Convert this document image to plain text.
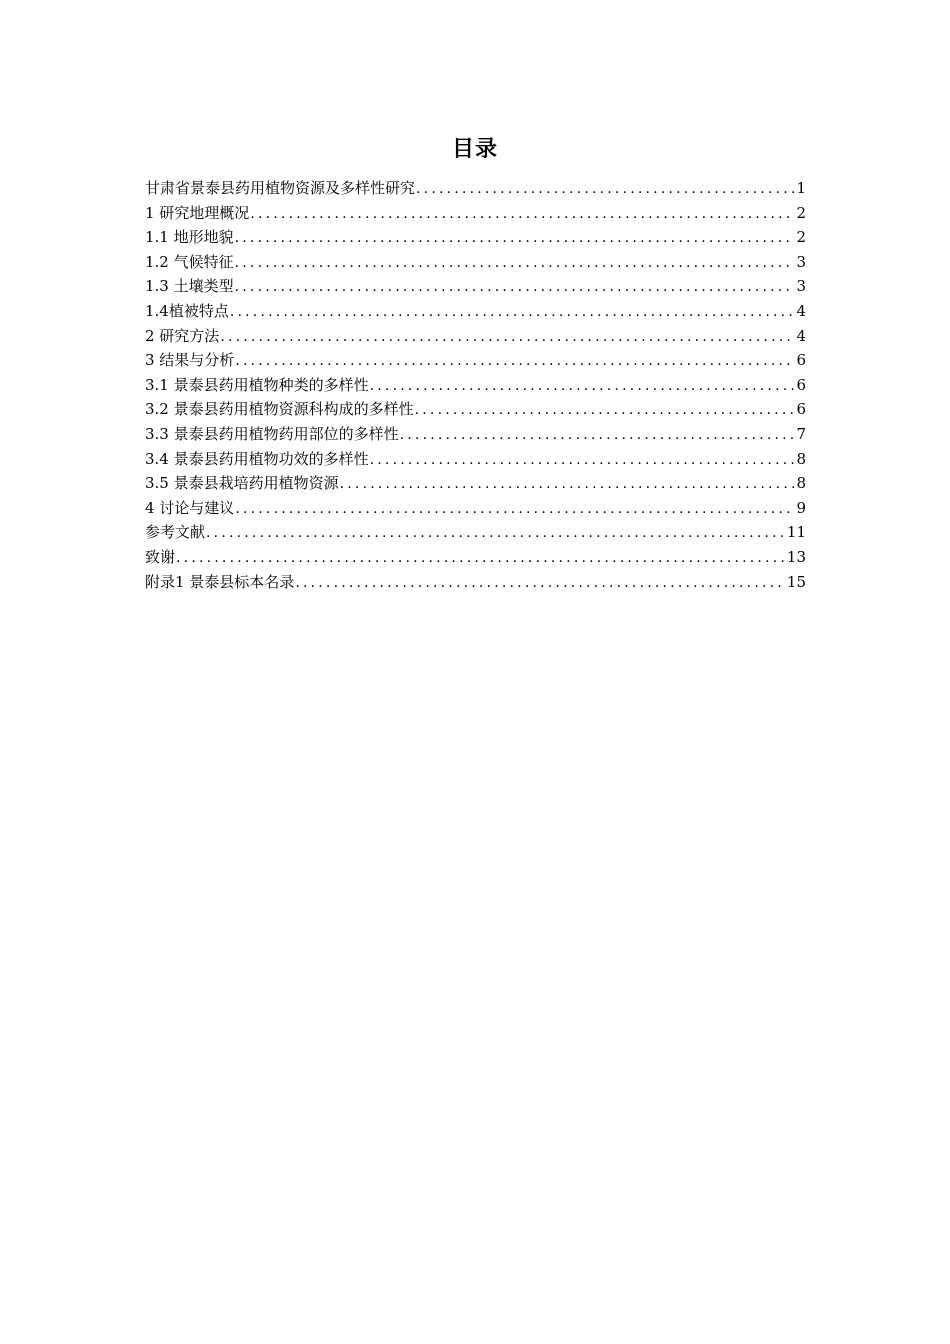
目录
甘肃省景泰县药用植物资源及多样性研究 .....	1
1 研究地理概况 .....	2
1.1 地形地貌 .....	2
1.2 气候特征 .....	3
1.3 土壤类型 .....	3
1.4植被特点 .....	4
2 研究方法 .....	4
3 结果与分析 .....	6
3.1 景泰县药用植物种类的多样性 .....	6
3.2 景泰县药用植物资源科构成的多样性 .....	6
3.3 景泰县药用植物药用部位的多样性 .....	7
3.4 景泰县药用植物功效的多样性 .....	8
3.5 景泰县栽培药用植物资源 .....	8
4 讨论与建议 .....	9
参考文献 .....	11
致谢 .....	13
附录1 景泰县标本名录 .....	15
